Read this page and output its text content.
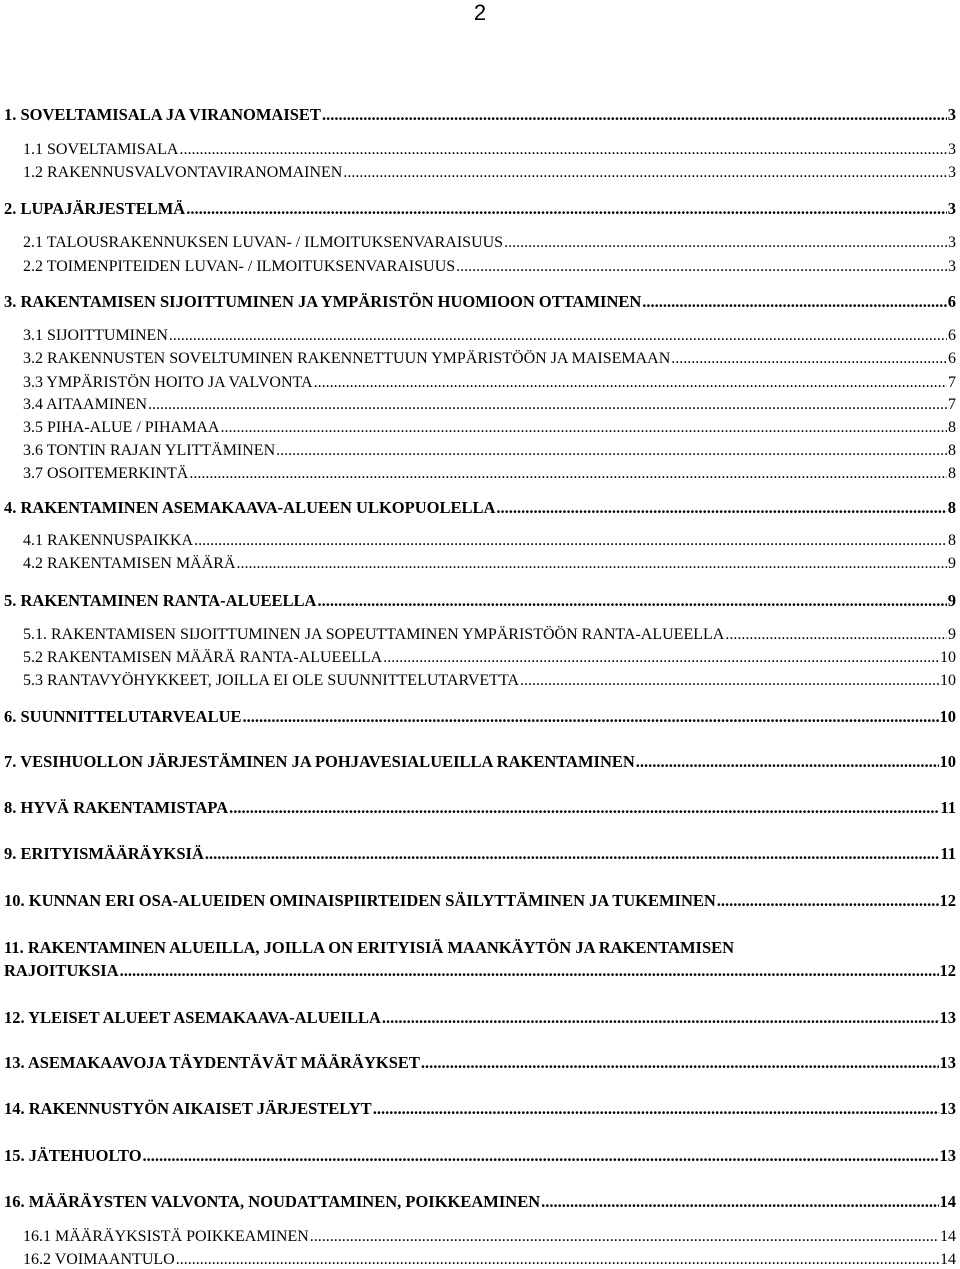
2
1. SOVELTAMISALA JA VIRANOMAISET .....	3
1.1 SOVELTAMISALA .....	3
1.2 RAKENNUSVALVONTAVIRANOMAINEN .....	3
2. LUPAJÄRJESTELMÄ .....	3
2.1 TALOUSRAKENNUKSEN LUVAN- / ILMOITUKSENVARAISUUS .....	3
2.2 TOIMENPITEIDEN LUVAN- / ILMOITUKSENVARAISUUS .....	3
3. RAKENTAMISEN SIJOITTUMINEN JA YMPÄRISTÖN HUOMIOON OTTAMINEN .....	6
3.1 SIJOITTUMINEN .....	6
3.2 RAKENNUSTEN SOVELTUMINEN RAKENNETTUUN YMPÄRISTÖÖN JA MAISEMAAN .....	6
3.3 YMPÄRISTÖN HOITO JA VALVONTA .....	7
3.4 AITAAMINEN .....	7
3.5 PIHA-ALUE / PIHAMAA .....	8
3.6 TONTIN RAJAN YLITTÄMINEN .....	8
3.7 OSOITEMERKINTÄ .....	8
4. RAKENTAMINEN ASEMAKAAVA-ALUEEN ULKOPUOLELLA .....	8
4.1 RAKENNUSPAIKKA .....	8
4.2 RAKENTAMISEN MÄÄRÄ .....	9
5. RAKENTAMINEN RANTA-ALUEELLA .....	9
5.1. RAKENTAMISEN SIJOITTUMINEN JA SOPEUTTAMINEN YMPÄRISTÖÖN RANTA-ALUEELLA .....	9
5.2 RAKENTAMISEN MÄÄRÄ RANTA-ALUEELLA .....	10
5.3 RANTAVYÖHYKKEET, JOILLA EI OLE SUUNNITTELUTARVETTA .....	10
6. SUUNNITTELUTARVEALUE .....	10
7. VESIHUOLLON JÄRJESTÄMINEN JA POHJAVESIALUEILLA RAKENTAMINEN .....	10
8. HYVÄ RAKENTAMISTAPA .....	11
9. ERITYISMÄÄRÄYKSIÄ .....	11
10. KUNNAN ERI OSA-ALUEIDEN OMINAISPIIRTEIDEN SÄILYTTÄMINEN JA TUKEMINEN .....	12
11. RAKENTAMINEN ALUEILLA, JOILLA ON ERITYISIÄ MAANKÄYTÖN JA RAKENTAMISEN
RAJOITUKSIA .....	12
12. YLEISET ALUEET ASEMAKAAVA-ALUEILLA .....	13
13. ASEMAKAAVOJA TÄYDENTÄVÄT MÄÄRÄYKSET .....	13
14. RAKENNUSTYÖN AIKAISET JÄRJESTELYT .....	13
15. JÄTEHUOLTO .....	13
16. MÄÄRÄYSTEN VALVONTA, NOUDATTAMINEN, POIKKEAMINEN .....	14
16.1 MÄÄRÄYKSISTÄ POIKKEAMINEN .....	14
16.2 VOIMAANTULO .....	14
